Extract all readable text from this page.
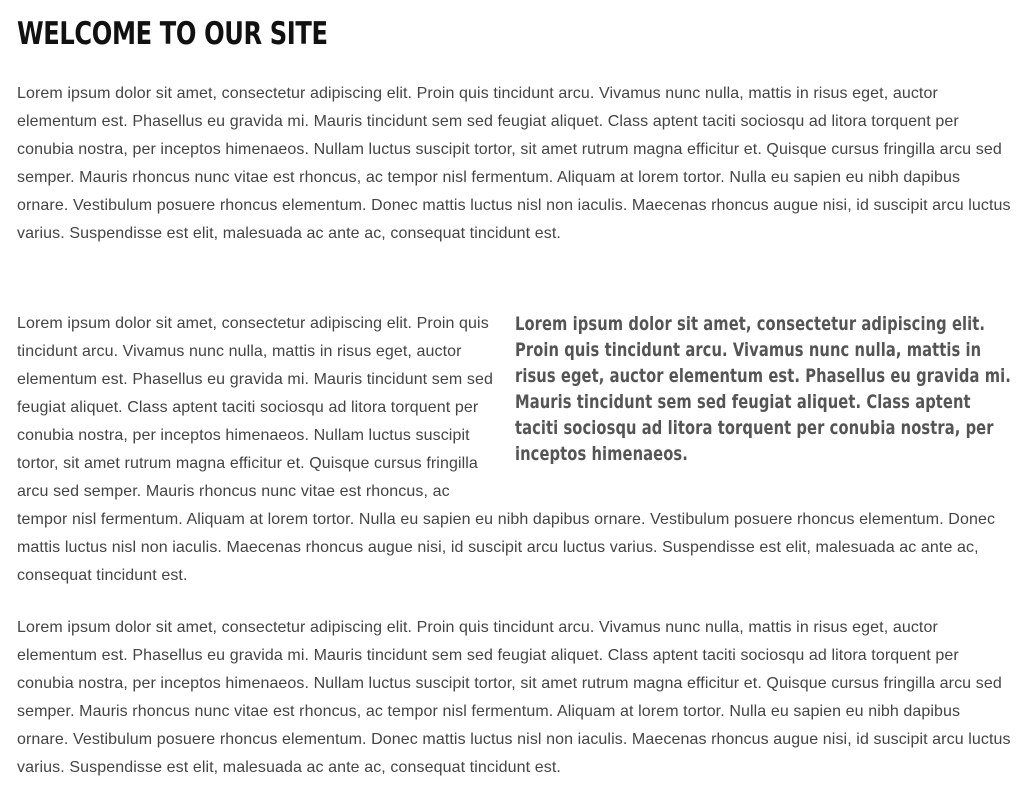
WELCOME TO OUR SITE

Lorem ipsum dolor sit amet, consectetur adipiscing elit. Proin quis tincidunt arcu. Vivamus nunc nulla, mattis in risus eget, auctor elementum est. Phasellus eu gravida mi. Mauris tincidunt sem sed feugiat aliquet. Class aptent taciti sociosqu ad litora torquent per conubia nostra, per inceptos himenaeos. Nullam luctus suscipit tortor, sit amet rutrum magna efficitur et. Quisque cursus fringilla arcu sed semper. Mauris rhoncus nunc vitae est rhoncus, ac tempor nisl fermentum. Aliquam at lorem tortor. Nulla eu sapien eu nibh dapibus ornare. Vestibulum posuere rhoncus elementum. Donec mattis luctus nisl non iaculis. Maecenas rhoncus augue nisi, id suscipit arcu luctus varius. Suspendisse est elit, malesuada ac ante ac, consequat tincidunt est.

Lorem ipsum dolor sit amet, consectetur adipiscing elit. Proin quis tincidunt arcu. Vivamus nunc nulla, mattis in risus eget, auctor elementum est. Phasellus eu gravida mi. Mauris tincidunt sem sed feugiat aliquet. Class aptent taciti sociosqu ad litora torquent per conubia nostra, per inceptos himenaeos.
Lorem ipsum dolor sit amet, consectetur adipiscing elit. Proin quis tincidunt arcu. Vivamus nunc nulla, mattis in risus eget, auctor elementum est. Phasellus eu gravida mi. Mauris tincidunt sem sed feugiat aliquet. Class aptent taciti sociosqu ad litora torquent per conubia nostra, per inceptos himenaeos. Nullam luctus suscipit tortor, sit amet rutrum magna efficitur et. Quisque cursus fringilla arcu sed semper. Mauris rhoncus nunc vitae est rhoncus, ac tempor nisl fermentum. Aliquam at lorem tortor. Nulla eu sapien eu nibh dapibus ornare. Vestibulum posuere rhoncus elementum. Donec mattis luctus nisl non iaculis. Maecenas rhoncus augue nisi, id suscipit arcu luctus varius. Suspendisse est elit, malesuada ac ante ac, consequat tincidunt est.

Lorem ipsum dolor sit amet, consectetur adipiscing elit. Proin quis tincidunt arcu. Vivamus nunc nulla, mattis in risus eget, auctor elementum est. Phasellus eu gravida mi. Mauris tincidunt sem sed feugiat aliquet. Class aptent taciti sociosqu ad litora torquent per conubia nostra, per inceptos himenaeos. Nullam luctus suscipit tortor, sit amet rutrum magna efficitur et. Quisque cursus fringilla arcu sed semper. Mauris rhoncus nunc vitae est rhoncus, ac tempor nisl fermentum. Aliquam at lorem tortor. Nulla eu sapien eu nibh dapibus ornare. Vestibulum posuere rhoncus elementum. Donec mattis luctus nisl non iaculis. Maecenas rhoncus augue nisi, id suscipit arcu luctus varius. Suspendisse est elit, malesuada ac ante ac, consequat tincidunt est.
